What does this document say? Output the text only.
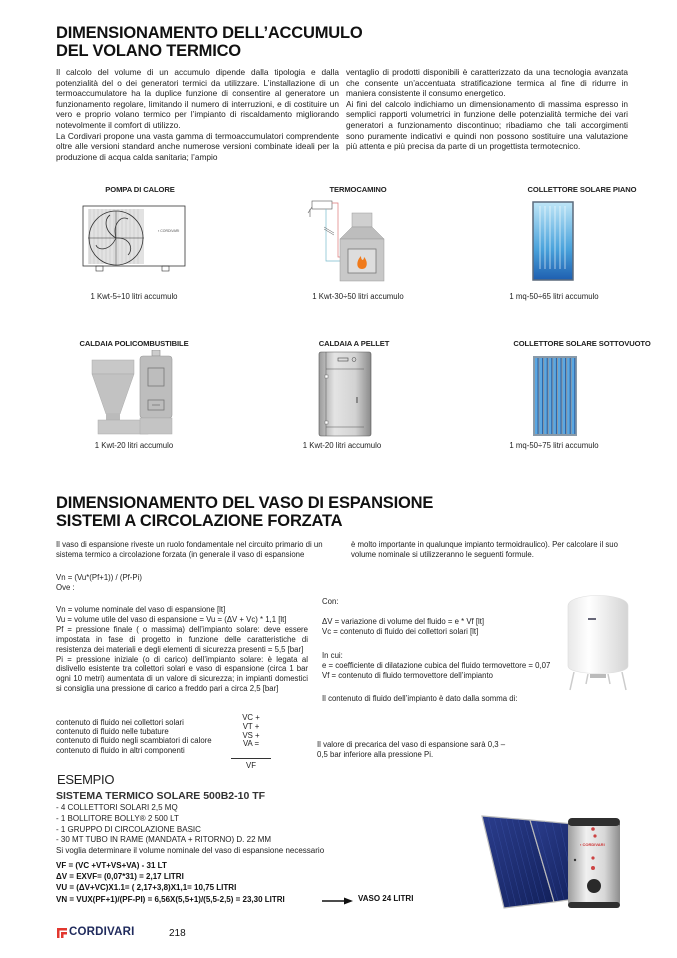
DIMENSIONAMENTO DELL’ACCUMULO
DEL VOLANO TERMICO

Il calcolo del volume di un accumulo dipende dalla tipologia e dalla potenzialità del o dei generatori termici da utilizzare. L’installazione di un termoaccumulatore ha la duplice funzione di consentire al generatore un funzionamento regolare, limitando il numero di interruzioni, e di costituire un vero e proprio volano termico per l’impianto di riscaldamento migliorando notevolmente il comfort di utilizzo.

La Cordivari propone una vasta gamma di termoaccumulatori comprendente oltre alle versioni standard anche numerose versioni combinate ideali per la produzione di acqua calda sanitaria; l’ampio

ventaglio di prodotti disponibili è caratterizzato da una tecnologia avanzata che consente un’accentuata stratificazione termica al fine di ridurre in maniera consistente il consumo energetico.

Ai fini del calcolo indichiamo un dimensionamento di massima espresso in semplici rapporti volumetrici in funzione delle potenzialità termiche dei vari generatori a funzionamento discontinuo; ribadiamo che tali accorgimenti sono puramente indicativi e quindi non possono sostituire una valutazione più attenta e più precisa da parte di un progettista termotecnico.

POMPA DI CALORE	TERMOCAMINO	COLLETTORE SOLARE PIANO
▪ CORDIVARI
1 Kwt-5÷10 litri accumulo	1 Kwt-30÷50 litri accumulo	1 mq-50÷65 litri accumulo
CALDAIA POLICOMBUSTIBILE	CALDAIA A PELLET	COLLETTORE SOLARE SOTTOVUOTO
1 Kwt-20 litri accumulo	1 Kwt-20 litri accumulo	1 mq-50÷75 litri accumulo
DIMENSIONAMENTO DEL VASO DI ESPANSIONE
SISTEMI A CIRCOLAZIONE FORZATA
Il vaso di espansione riveste un ruolo fondamentale nel circuito primario di un sistema termico a circolazione forzata (in generale il vaso di espansione
è molto importante in qualunque impianto termoidraulico). Per calcolare il suo volume nominale si utilizzeranno le seguenti formule.
Vn = (Vu*(Pf+1)) / (Pf-Pi)
Ove :

Vn = volume nominale del vaso di espansione [lt]

Vu = volume utile del vaso di espansione = Vu = (ΔV + Vc) * 1,1 [lt]

Pf = pressione finale ( o massima) dell’impianto solare: deve essere impostata in fase di progetto in funzione delle caratteristiche di resistenza dei materiali e degli elementi di sicurezza presenti = 5,5 [bar]

Pi = pressione iniziale (o di carico) dell’impianto solare: è legata al dislivello esistente tra collettori solari e vaso di espansione (circa 1 bar ogni 10 metri) aumentata di un valore di sicurezza; in impianti domestici si consiglia una pressione di carico a freddo pari a circa 2,5 [bar]

Con:

ΔV = variazione di volume del fluido = e * Vf [lt]

Vc = contenuto di fluido dei collettori solari [lt]

In cui:

e = coefficiente di dilatazione cubica del fluido termovettore = 0,07

Vf = contenuto di fluido termovettore dell’impianto

Il contenuto di fluido dell’impianto è dato dalla somma di:

contenuto di fluido nei collettori solari

contenuto di fluido nelle tubature

contenuto di fluido negli scambiatori di calore

contenuto di fluido in altri componenti

VC +

VT +

VS +

VA =

VF
Il valore di precarica del vaso di espansione sarà 0,3 – 0,5 bar inferiore alla pressione Pi.
ESEMPIO
SISTEMA TERMICO SOLARE 500B2-10 TF

- 4 COLLETTORI SOLARI 2,5 MQ

- 1 BOLLITORE BOLLY® 2 500 LT

- 1 GRUPPO DI CIRCOLAZIONE BASIC

- 30 MT TUBO IN RAME (MANDATA + RITORNO) D. 22 MM

Si voglia determinare il volume nominale del vaso di espansione necessario

VF = (VC +VT+VS+VA) - 31 LT

ΔV = EXVF= (0,07*31) = 2,17 LITRI

VU = (ΔV+VC)X1.1= ( 2,17+3,8)X1,1= 10,75 LITRI

VN = VUX(PF+1)/(PF-PI) = 6,56X(5,5+1)/(5,5-2,5) = 23,30 LITRI	VASO 24 LITRI
▪ CORDIVARI
CORDIVARI	218
